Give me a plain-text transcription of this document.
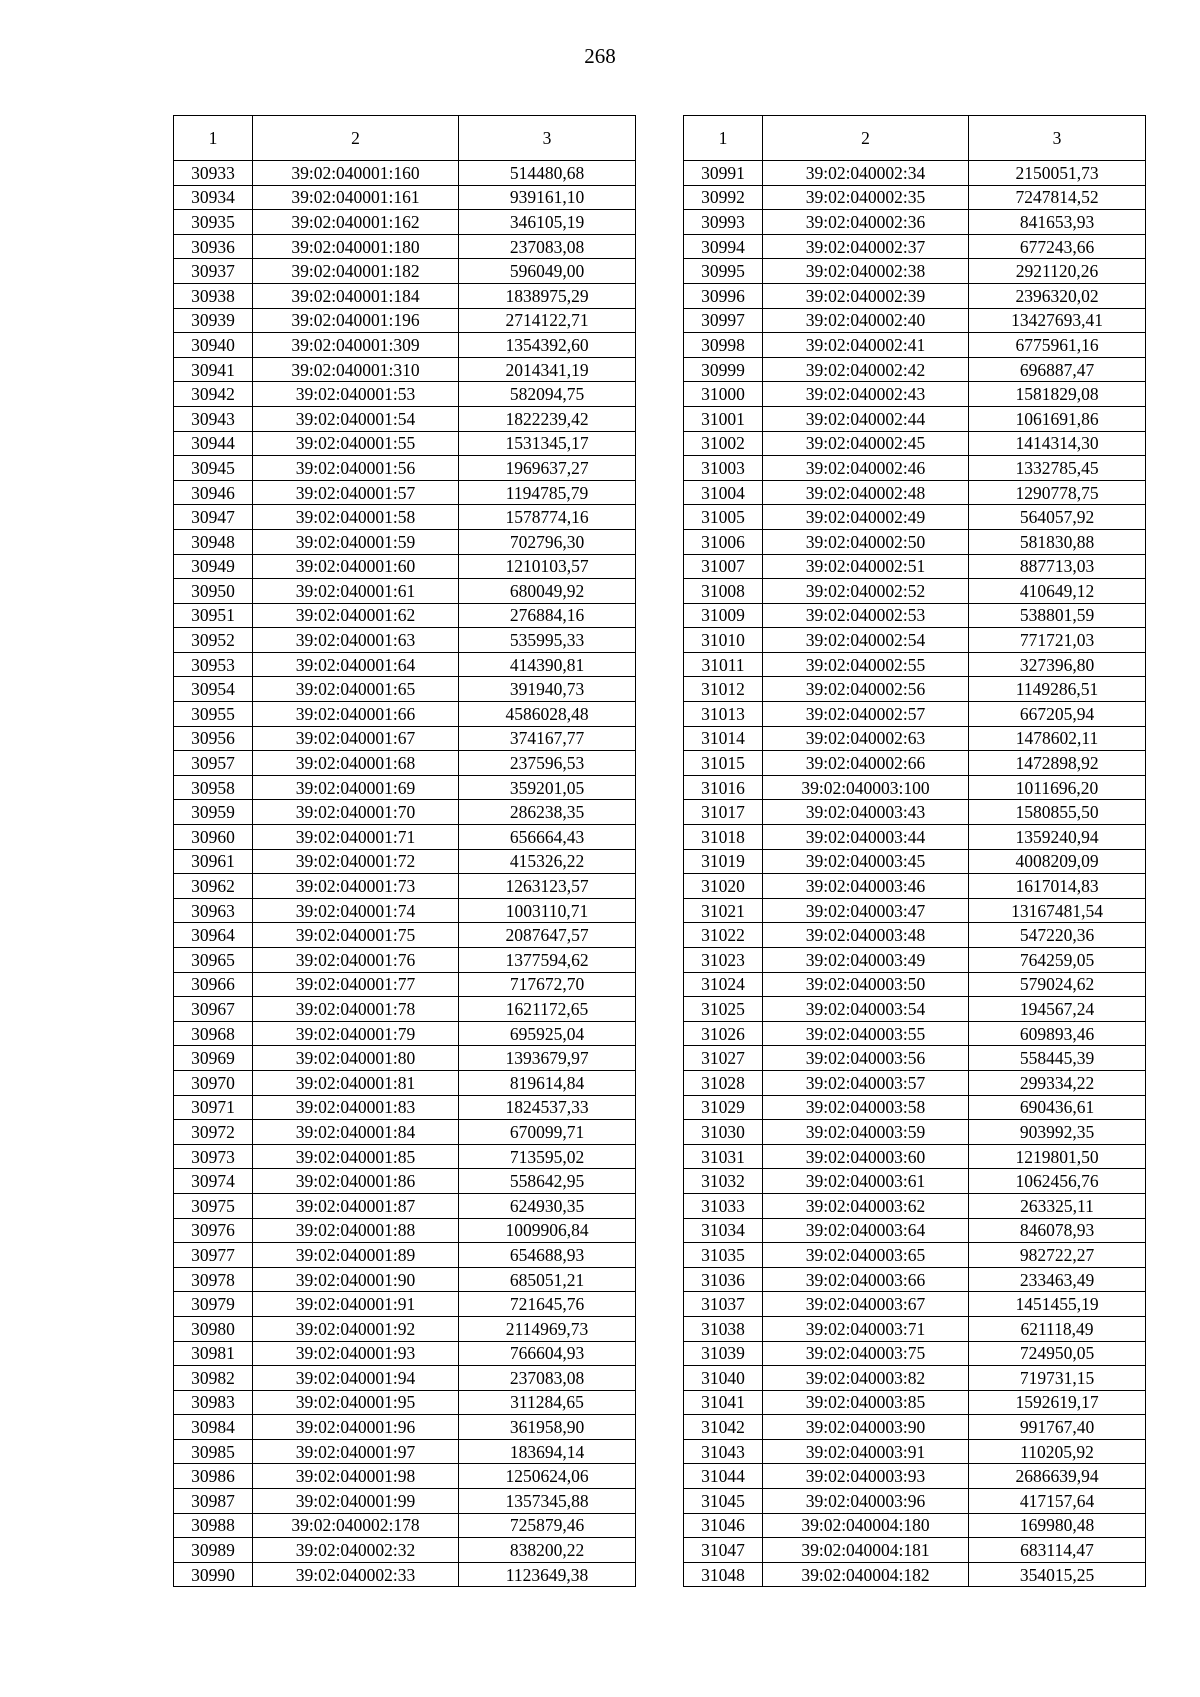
268
1	2	3
30933	39:02:040001:160	514480,68
30934	39:02:040001:161	939161,10
30935	39:02:040001:162	346105,19
30936	39:02:040001:180	237083,08
30937	39:02:040001:182	596049,00
30938	39:02:040001:184	1838975,29
30939	39:02:040001:196	2714122,71
30940	39:02:040001:309	1354392,60
30941	39:02:040001:310	2014341,19
30942	39:02:040001:53	582094,75
30943	39:02:040001:54	1822239,42
30944	39:02:040001:55	1531345,17
30945	39:02:040001:56	1969637,27
30946	39:02:040001:57	1194785,79
30947	39:02:040001:58	1578774,16
30948	39:02:040001:59	702796,30
30949	39:02:040001:60	1210103,57
30950	39:02:040001:61	680049,92
30951	39:02:040001:62	276884,16
30952	39:02:040001:63	535995,33
30953	39:02:040001:64	414390,81
30954	39:02:040001:65	391940,73
30955	39:02:040001:66	4586028,48
30956	39:02:040001:67	374167,77
30957	39:02:040001:68	237596,53
30958	39:02:040001:69	359201,05
30959	39:02:040001:70	286238,35
30960	39:02:040001:71	656664,43
30961	39:02:040001:72	415326,22
30962	39:02:040001:73	1263123,57
30963	39:02:040001:74	1003110,71
30964	39:02:040001:75	2087647,57
30965	39:02:040001:76	1377594,62
30966	39:02:040001:77	717672,70
30967	39:02:040001:78	1621172,65
30968	39:02:040001:79	695925,04
30969	39:02:040001:80	1393679,97
30970	39:02:040001:81	819614,84
30971	39:02:040001:83	1824537,33
30972	39:02:040001:84	670099,71
30973	39:02:040001:85	713595,02
30974	39:02:040001:86	558642,95
30975	39:02:040001:87	624930,35
30976	39:02:040001:88	1009906,84
30977	39:02:040001:89	654688,93
30978	39:02:040001:90	685051,21
30979	39:02:040001:91	721645,76
30980	39:02:040001:92	2114969,73
30981	39:02:040001:93	766604,93
30982	39:02:040001:94	237083,08
30983	39:02:040001:95	311284,65
30984	39:02:040001:96	361958,90
30985	39:02:040001:97	183694,14
30986	39:02:040001:98	1250624,06
30987	39:02:040001:99	1357345,88
30988	39:02:040002:178	725879,46
30989	39:02:040002:32	838200,22
30990	39:02:040002:33	1123649,38
1	2	3
30991	39:02:040002:34	2150051,73
30992	39:02:040002:35	7247814,52
30993	39:02:040002:36	841653,93
30994	39:02:040002:37	677243,66
30995	39:02:040002:38	2921120,26
30996	39:02:040002:39	2396320,02
30997	39:02:040002:40	13427693,41
30998	39:02:040002:41	6775961,16
30999	39:02:040002:42	696887,47
31000	39:02:040002:43	1581829,08
31001	39:02:040002:44	1061691,86
31002	39:02:040002:45	1414314,30
31003	39:02:040002:46	1332785,45
31004	39:02:040002:48	1290778,75
31005	39:02:040002:49	564057,92
31006	39:02:040002:50	581830,88
31007	39:02:040002:51	887713,03
31008	39:02:040002:52	410649,12
31009	39:02:040002:53	538801,59
31010	39:02:040002:54	771721,03
31011	39:02:040002:55	327396,80
31012	39:02:040002:56	1149286,51
31013	39:02:040002:57	667205,94
31014	39:02:040002:63	1478602,11
31015	39:02:040002:66	1472898,92
31016	39:02:040003:100	1011696,20
31017	39:02:040003:43	1580855,50
31018	39:02:040003:44	1359240,94
31019	39:02:040003:45	4008209,09
31020	39:02:040003:46	1617014,83
31021	39:02:040003:47	13167481,54
31022	39:02:040003:48	547220,36
31023	39:02:040003:49	764259,05
31024	39:02:040003:50	579024,62
31025	39:02:040003:54	194567,24
31026	39:02:040003:55	609893,46
31027	39:02:040003:56	558445,39
31028	39:02:040003:57	299334,22
31029	39:02:040003:58	690436,61
31030	39:02:040003:59	903992,35
31031	39:02:040003:60	1219801,50
31032	39:02:040003:61	1062456,76
31033	39:02:040003:62	263325,11
31034	39:02:040003:64	846078,93
31035	39:02:040003:65	982722,27
31036	39:02:040003:66	233463,49
31037	39:02:040003:67	1451455,19
31038	39:02:040003:71	621118,49
31039	39:02:040003:75	724950,05
31040	39:02:040003:82	719731,15
31041	39:02:040003:85	1592619,17
31042	39:02:040003:90	991767,40
31043	39:02:040003:91	110205,92
31044	39:02:040003:93	2686639,94
31045	39:02:040003:96	417157,64
31046	39:02:040004:180	169980,48
31047	39:02:040004:181	683114,47
31048	39:02:040004:182	354015,25
